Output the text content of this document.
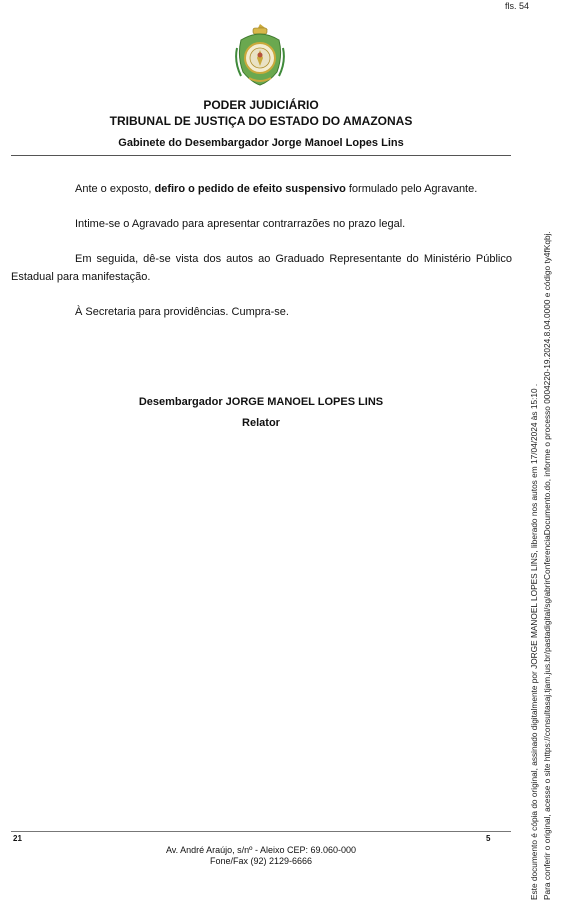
fls. 54
PODER JUDICIÁRIO
TRIBUNAL DE JUSTIÇA DO ESTADO DO AMAZONAS
Gabinete do Desembargador Jorge Manoel Lopes Lins

Ante o exposto, defiro o pedido de efeito suspensivo formulado pelo Agravante.

Intime-se o Agravado para apresentar contrarrazões no prazo legal.

Em seguida, dê-se vista dos autos ao Graduado Representante do Ministério Público Estadual para manifestação.

À Secretaria para providências. Cumpra-se.

Desembargador JORGE MANOEL LOPES LINS
Relator
21	5
Av. André Araújo, s/nº - Aleixo CEP: 69.060-000
Fone/Fax (92) 2129-6666	Este documento é cópia do original, assinado digitalmente por JORGE MANOEL LOPES LINS, liberado nos autos em 17/04/2024 às 15:10 . Para conferir o original, acesse o site https://consultasaj.tjam.jus.br/pastadigital/sg/abrirConferenciaDocumento.do, informe o processo 0004220-19.2024.8.04.0000 e código ty4fKqbj.
